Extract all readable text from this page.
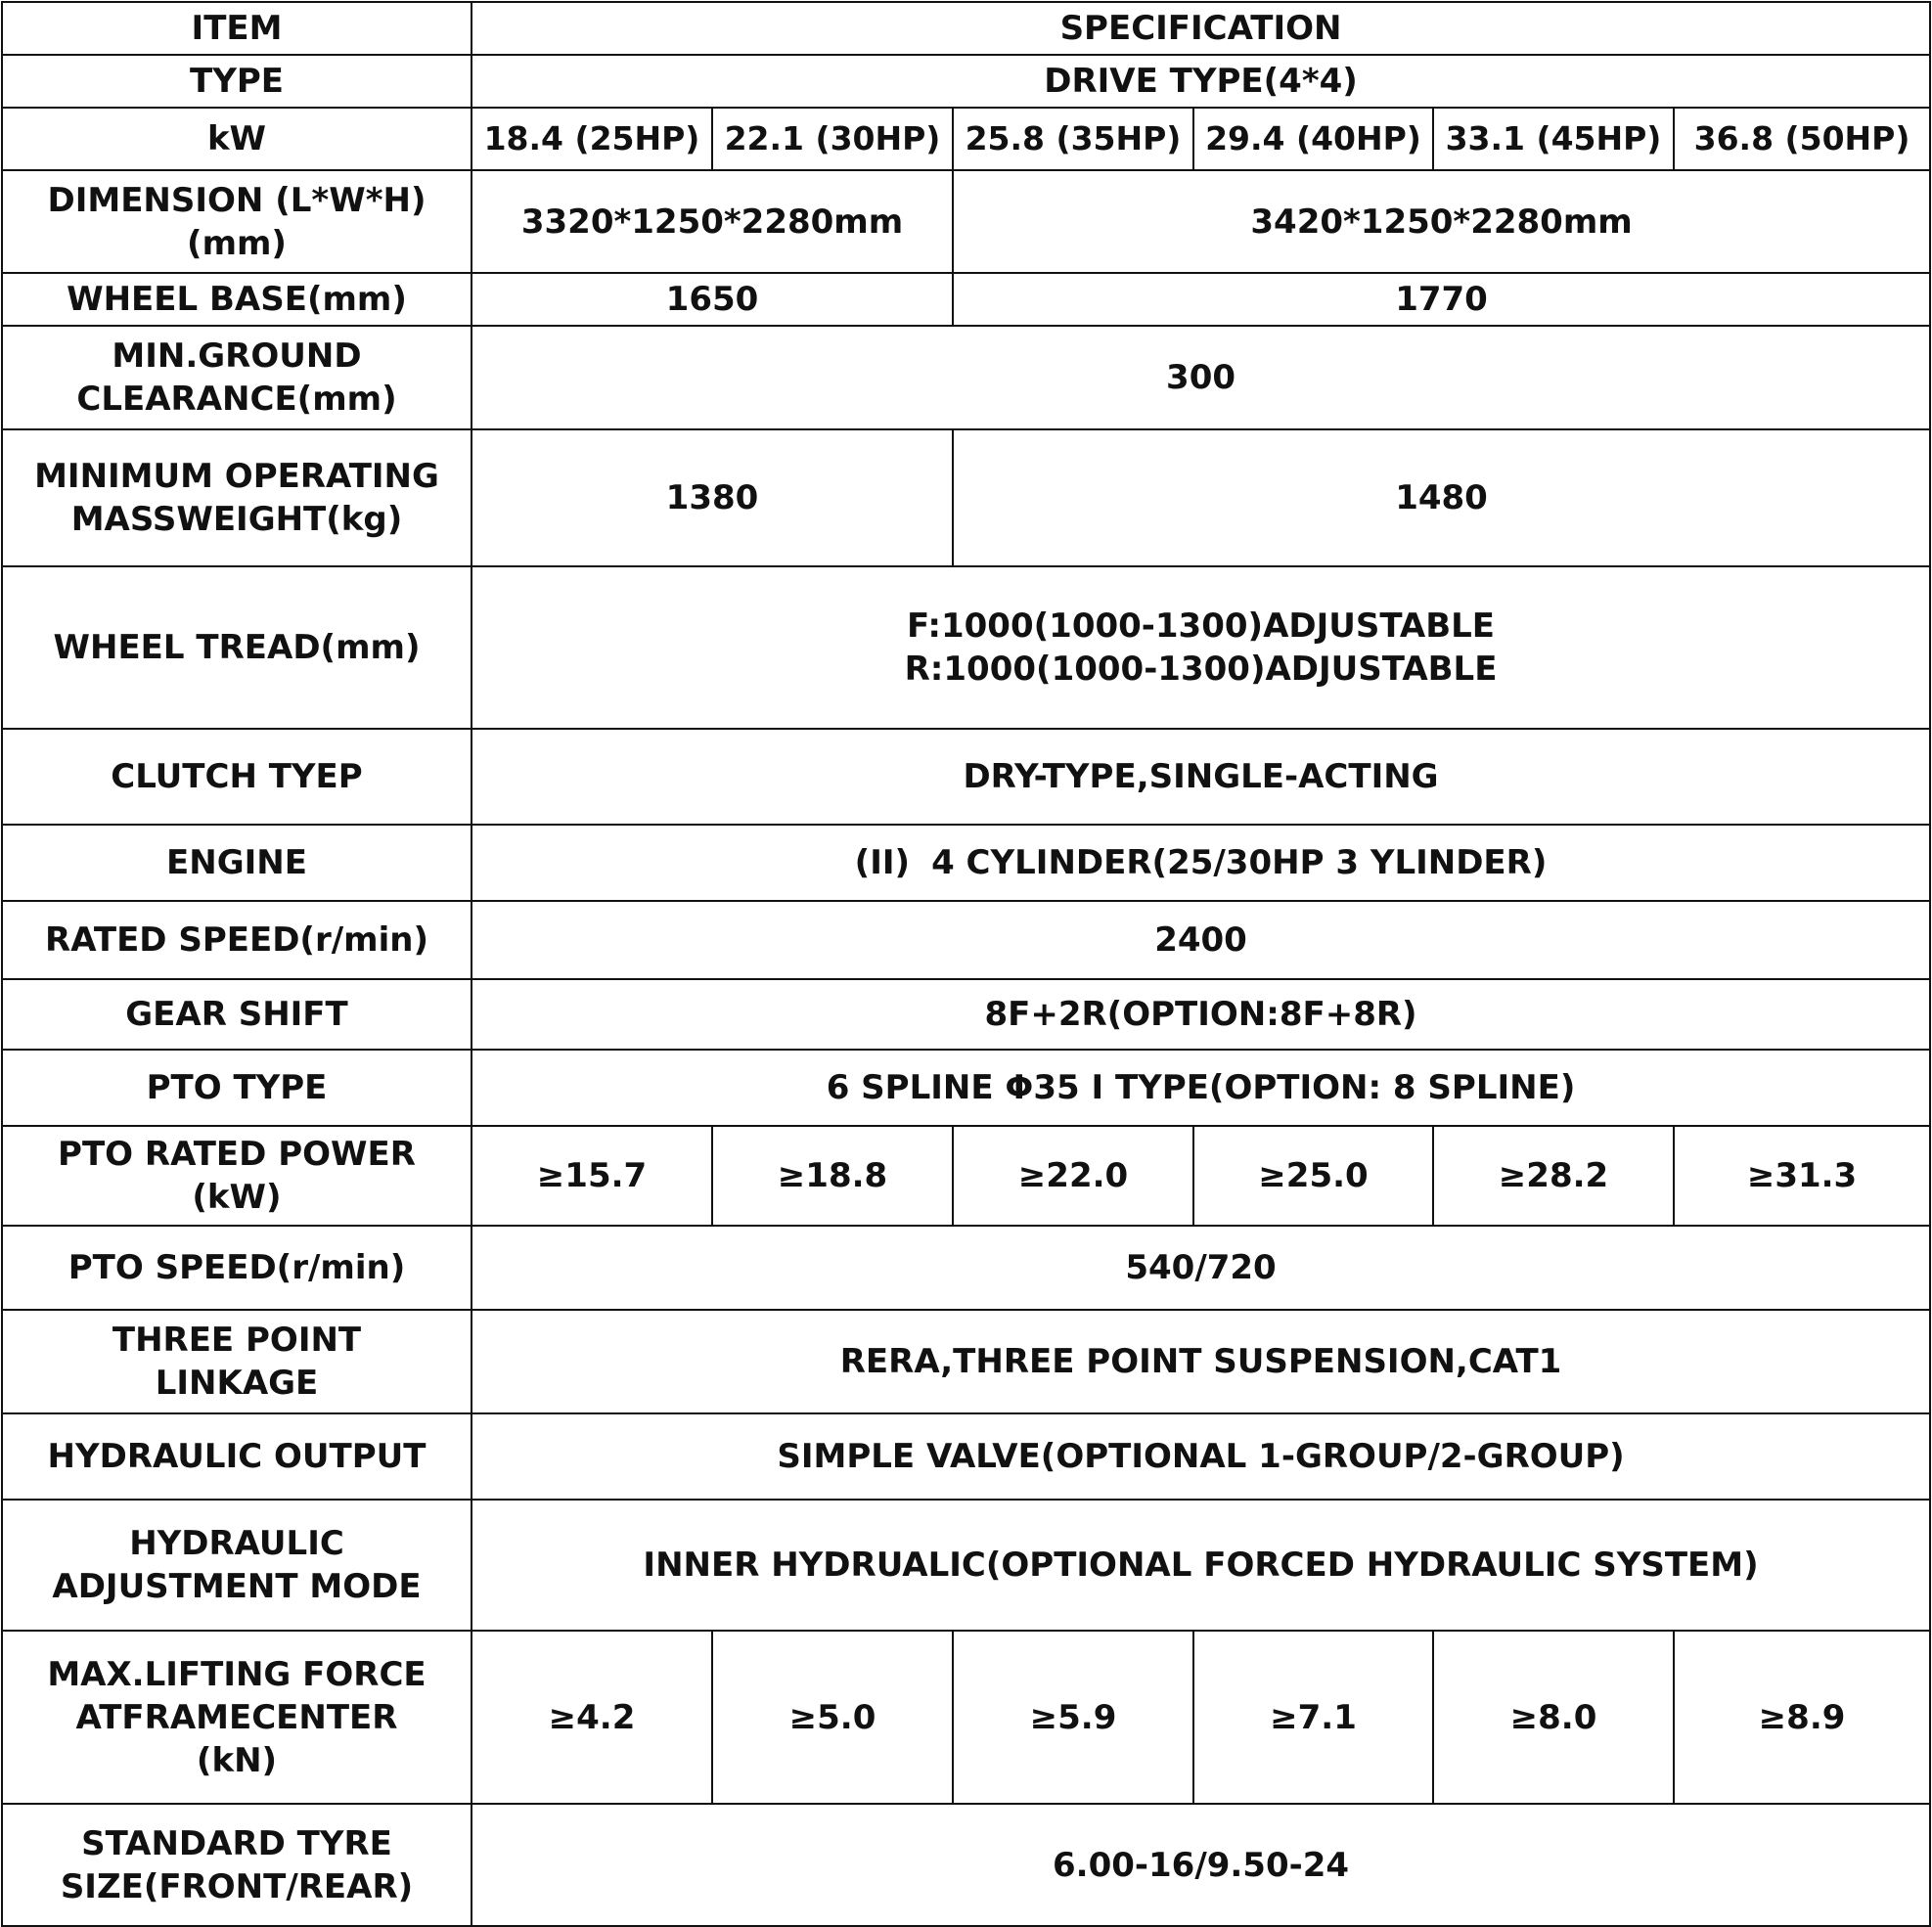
ITEM	SPECIFICATION					
TYPE	DRIVE TYPE(4*4)					
kW	18.4 (25HP)	22.1 (30HP)	25.8 (35HP)	29.4 (40HP)	33.1 (45HP)	36.8 (50HP)

DIMENSION (L*W*H)
(mm)	3320*1250*2280mm		3420*1250*2280mm			
WHEEL BASE(mm)	1650		1770			

MIN.GROUND
CLEARANCE(mm)	300					

MINIMUM OPERATING
MASSWEIGHT(kg)	1380		1480			
WHEEL TREAD(mm)	F:1000(1000-1300)ADJUSTABLE
R:1000(1000-1300)ADJUSTABLE					

CLUTCH TYEP	DRY-TYPE,SINGLE-ACTING					
ENGINE	(II) 4 CYLINDER(25/30HP 3 YLINDER)					
RATED SPEED(r/min)	2400					
GEAR SHIFT	8F+2R(OPTION:8F+8R)					
PTO TYPE	6 SPLINE Φ35 I TYPE(OPTION: 8 SPLINE)					

PTO RATED POWER
(kW)	≥15.7	≥18.8	≥22.0	≥25.0	≥28.2	≥31.3
PTO SPEED(r/min)	540/720					

THREE POINT
LINKAGE	RERA,THREE POINT SUSPENSION,CAT1					
HYDRAULIC OUTPUT	SIMPLE VALVE(OPTIONAL 1-GROUP/2-GROUP)					

HYDRAULIC
ADJUSTMENT MODE	INNER HYDRUALIC(OPTIONAL FORCED HYDRAULIC SYSTEM)					

MAX.LIFTING FORCE
ATFRAMECENTER
(kN)	≥4.2	≥5.0	≥5.9	≥7.1	≥8.0	≥8.9

STANDARD TYRE
SIZE(FRONT/REAR)	6.00-16/9.50-24					
